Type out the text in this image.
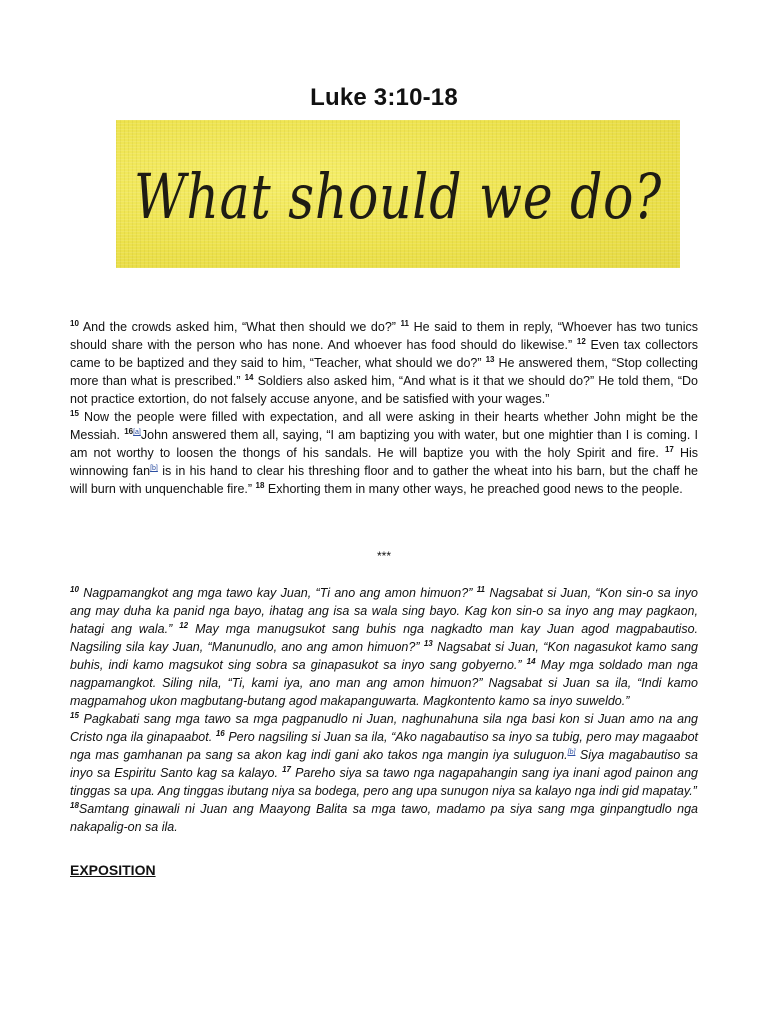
Luke 3:10-18
What should we do?

$^{10}$ And the crowds asked him, “What then should we do?” $^{11}$ He said to them in reply, “Whoever has two tunics should share with the person who has none. And whoever has food should do likewise.” $^{12}$ Even tax collectors came to be baptized and they said to him, “Teacher, what should we do?” $^{13}$ He answered them, “Stop collecting more than what is prescribed.” $^{14}$ Soldiers also asked him, “And what is it that we should do?” He told them, “Do not practice extortion, do not falsely accuse anyone, and be satisfied with your wages.”

$^{15}$ Now the people were filled with expectation, and all were asking in their hearts whether John might be the Messiah. $^{16[a]}$John answered them all, saying, “I am baptizing you with water, but one mightier than I is coming. I am not worthy to loosen the thongs of his sandals. He will baptize you with the holy Spirit and fire. $^{17}$ His winnowing fan[b] is in his hand to clear his threshing floor and to gather the wheat into his barn, but the chaff he will burn with unquenchable fire.” $^{18}$ Exhorting them in many other ways, he preached good news to the people.

***

$^{10}$ Nagpamangkot ang mga tawo kay Juan, “Ti ano ang amon himuon?” $^{11}$ Nagsabat si Juan, “Kon sin-o sa inyo ang may duha ka panid nga bayo, ihatag ang isa sa wala sing bayo. Kag kon sin-o sa inyo ang may pagkaon, hatagi ang wala.” $^{12}$ May mga manugsukot sang buhis nga nagkadto man kay Juan agod magpabautiso. Nagsiling sila kay Juan, “Manunudlo, ano ang amon himuon?” $^{13}$ Nagsabat si Juan, “Kon nagasukot kamo sang buhis, indi kamo magsukot sing sobra sa ginapasukot sa inyo sang gobyerno.” $^{14}$ May mga soldado man nga nagpamangkot. Siling nila, “Ti, kami iya, ano man ang amon himuon?” Nagsabat si Juan sa ila, “Indi kamo magpamahog ukon magbutang-butang agod makapanguwarta. Magkontento kamo sa inyo suweldo.”

$^{15}$ Pagkabati sang mga tawo sa mga pagpanudlo ni Juan, naghunahuna sila nga basi kon si Juan amo na ang Cristo nga ila ginapaabot. $^{16}$ Pero nagsiling si Juan sa ila, “Ako nagabautiso sa inyo sa tubig, pero may magaabot nga mas gamhanan pa sang sa akon kag indi gani ako takos nga mangin iya suluguon.[b] Siya magabautiso sa inyo sa Espiritu Santo kag sa kalayo. $^{17}$ Pareho siya sa tawo nga nagapahangin sang iya inani agod painon ang tinggas sa upa. Ang tinggas ibutang niya sa bodega, pero ang upa sunugon niya sa kalayo nga indi gid mapatay.”

$^{18}$Samtang ginawali ni Juan ang Maayong Balita sa mga tawo, madamo pa siya sang mga ginpangtudlo nga nakapalig-on sa ila.

EXPOSITION
